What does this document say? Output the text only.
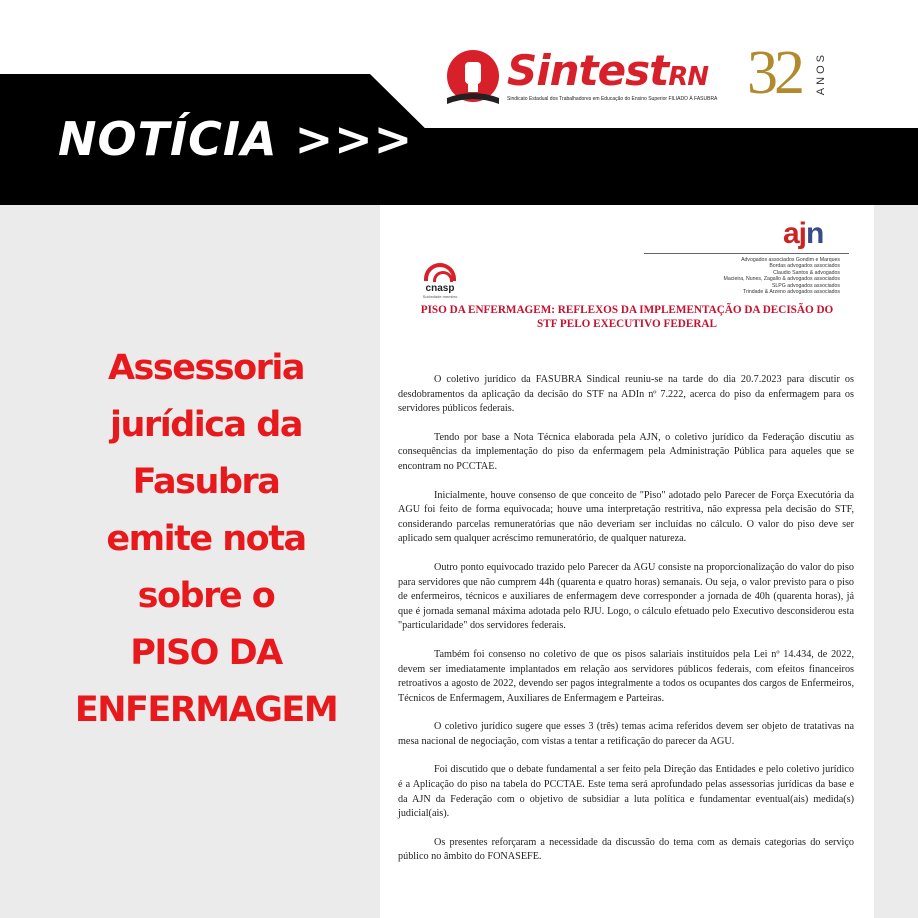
NOTÍCIA >>>
SintestRN
Sindicato Estadual dos Trabalhadores em Educação do Ensino Superior FILIADO À FASUBRA 32 ANOS
Assessoria
jurídica da
Fasubra
emite nota
sobre o
PISO DA
ENFERMAGEM
cnasp
Sociedade membro
ajn
Advogados associados Gondim e Marques
Bordas advogados associados
Claudio Santos & advogados
Macieira, Nunes, Zagallo & advogados associados
SLPG advogados associados
Trindade & Arzeno advogados associados
PISO DA ENFERMAGEM: REFLEXOS DA IMPLEMENTAÇÃO DA DECISÃO DO
STF PELO EXECUTIVO FEDERAL

O coletivo jurídico da FASUBRA Sindical reuniu-se na tarde do dia 20.7.2023 para discutir os desdobramentos da aplicação da decisão do STF na ADIn nº 7.222, acerca do piso da enfermagem para os servidores públicos federais.

Tendo por base a Nota Técnica elaborada pela AJN, o coletivo jurídico da Federação discutiu as consequências da implementação do piso da enfermagem pela Administração Pública para aqueles que se encontram no PCCTAE.

Inicialmente, houve consenso de que conceito de "Piso" adotado pelo Parecer de Força Executória da AGU foi feito de forma equivocada; houve uma interpretação restritiva, não expressa pela decisão do STF, considerando parcelas remuneratórias que não deveriam ser incluídas no cálculo. O valor do piso deve ser aplicado sem qualquer acréscimo remuneratório, de qualquer natureza.

Outro ponto equivocado trazido pelo Parecer da AGU consiste na proporcionalização do valor do piso para servidores que não cumprem 44h (quarenta e quatro horas) semanais. Ou seja, o valor previsto para o piso de enfermeiros, técnicos e auxiliares de enfermagem deve corresponder a jornada de 40h (quarenta horas), já que é jornada semanal máxima adotada pelo RJU. Logo, o cálculo efetuado pelo Executivo desconsiderou esta "particularidade" dos servidores federais.

Também foi consenso no coletivo de que os pisos salariais instituídos pela Lei nº 14.434, de 2022, devem ser imediatamente implantados em relação aos servidores públicos federais, com efeitos financeiros retroativos a agosto de 2022, devendo ser pagos integralmente a todos os ocupantes dos cargos de Enfermeiros, Técnicos de Enfermagem, Auxiliares de Enfermagem e Parteiras.

O coletivo jurídico sugere que esses 3 (três) temas acima referidos devem ser objeto de tratativas na mesa nacional de negociação, com vistas a tentar a retificação do parecer da AGU.

Foi discutido que o debate fundamental a ser feito pela Direção das Entidades e pelo coletivo jurídico é a Aplicação do piso na tabela do PCCTAE. Este tema será aprofundado pelas assessorias jurídicas da base e da AJN da Federação com o objetivo de subsidiar a luta política e fundamentar eventual(ais) medida(s) judicial(ais).

Os presentes reforçaram a necessidade da discussão do tema com as demais categorias do serviço público no âmbito do FONASEFE.
